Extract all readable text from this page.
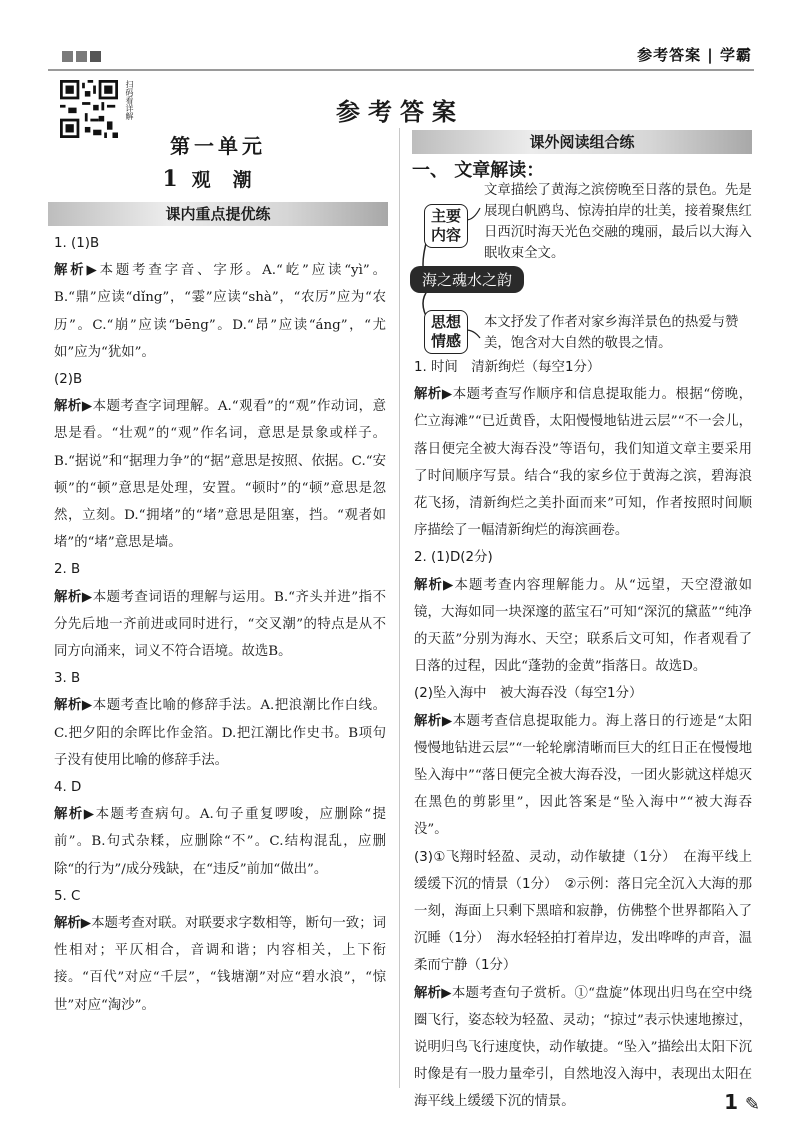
参考答案 | 学霸
扫码看详解	参考答案
第一单元
1 观潮
课内重点提优练

1. (1)B

解析▶本题考查字音、字形。A.“屹”应读“yì”。B.“鼎”应读“dǐng”，“霎”应读“shà”，“农厉”应为“农历”。C.“崩”应读“bēng”。D.“昂”应读“áng”，“尤如”应为“犹如”。

(2)B

解析▶本题考查字词理解。A.“观看”的“观”作动词，意思是看。“壮观”的“观”作名词，意思是景象或样子。B.“据说”和“据理力争”的“据”意思是按照、依据。C.“安顿”的“顿”意思是处理，安置。“顿时”的“顿”意思是忽然，立刻。D.“拥堵”的“堵”意思是阻塞，挡。“观者如堵”的“堵”意思是墙。

2. B

解析▶本题考查词语的理解与运用。B.“齐头并进”指不分先后地一齐前进或同时进行，“交叉潮”的特点是从不同方向涌来，词义不符合语境。故选B。

3. B

解析▶本题考查比喻的修辞手法。A.把浪潮比作白线。C.把夕阳的余晖比作金箔。D.把江潮比作史书。B项句子没有使用比喻的修辞手法。

4. D

解析▶本题考查病句。A.句子重复啰唆，应删除“提前”。B.句式杂糅，应删除“不”。C.结构混乱，应删除“的行为”/成分残缺，在“违反”前加“做出”。

5. C

解析▶本题考查对联。对联要求字数相等，断句一致；词性相对；平仄相合，音调和谐；内容相关，上下衔接。“百代”对应“千层”，“钱塘潮”对应“碧水浪”，“惊世”对应“淘沙”。

课外阅读组合练
一、 文章解读：
主要内容
文章描绘了黄海之滨傍晚至日落的景色。先是展现白帆鸥鸟、惊涛拍岸的壮美，接着聚焦红日西沉时海天光色交融的瑰丽，最后以大海入眠收束全文。
海之魂水之韵
思想情感
本文抒发了作者对家乡海洋景色的热爱与赞美，饱含对大自然的敬畏之情。

1. 时间　清新绚烂（每空1分）

解析▶本题考查写作顺序和信息提取能力。根据“傍晚，伫立海滩”“已近黄昏，太阳慢慢地钻进云层”“不一会儿，落日便完全被大海吞没”等语句，我们知道文章主要采用了时间顺序写景。结合“我的家乡位于黄海之滨，碧海浪花飞扬，清新绚烂之美扑面而来”可知，作者按照时间顺序描绘了一幅清新绚烂的海滨画卷。

2. (1)D(2分)

解析▶本题考查内容理解能力。从“远望，天空澄澈如镜，大海如同一块深邃的蓝宝石”可知“深沉的黛蓝”“纯净的天蓝”分别为海水、天空；联系后文可知，作者观看了日落的过程，因此“蓬勃的金黄”指落日。故选D。

(2)坠入海中　被大海吞没（每空1分）

解析▶本题考查信息提取能力。海上落日的行迹是“太阳慢慢地钻进云层”“一轮轮廓清晰而巨大的红日正在慢慢地坠入海中”“落日便完全被大海吞没，一团火影就这样熄灭在黑色的剪影里”，因此答案是“坠入海中”“被大海吞没”。

(3)①飞翔时轻盈、灵动，动作敏捷（1分）　在海平线上缓缓下沉的情景（1分）　②示例：落日完全沉入大海的那一刻，海面上只剩下黑暗和寂静，仿佛整个世界都陷入了沉睡（1分）　海水轻轻拍打着岸边，发出哗哗的声音，温柔而宁静（1分）

解析▶本题考查句子赏析。①“盘旋”体现出归鸟在空中绕圈飞行，姿态较为轻盈、灵动；“掠过”表示快速地擦过，说明归鸟飞行速度快，动作敏捷。“坠入”描绘出太阳下沉时像是有一股力量牵引，自然地沒入海中，表现出太阳在海平线上缓缓下沉的情景。	1 ✎
